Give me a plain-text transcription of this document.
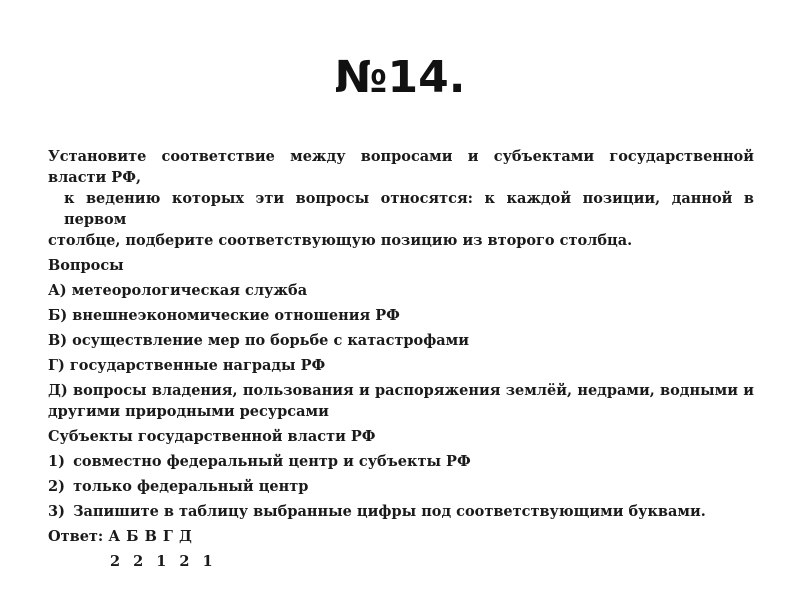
№14.
Установите соответствие между вопросами и субъектами государственной власти РФ,
к ведению которых эти вопросы относятся: к каждой позиции, данной в первом
столбце, подберите соответствующую позицию из второго столбца.
Вопросы
А) метеорологическая служба
Б) внешнеэкономические отношения РФ
В) осуществление мер по борьбе с катастрофами
Г) государственные награды РФ
Д) вопросы владения, пользования и распоряжения землёй, недрами, водными и другими природными ресурсами
Субъекты государственной власти РФ
1) совместно федеральный центр и субъекты РФ
2) только федеральный центр
3) Запишите в таблицу выбранные цифры под соответствующими буквами.
Ответ: А Б В Г Д
2 2 1 2 1
